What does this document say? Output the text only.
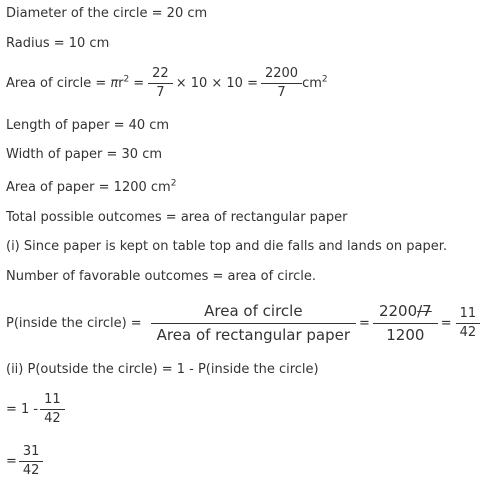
Diameter of the circle = 20 cm
Radius = 10 cm
Area of circle = $\pi r^2 = \frac{22}{7} \times 10 \times 10 = \frac{2200}{7} cm^2$
Length of paper = 40 cm
Width of paper = 30 cm
Area of paper = 1200 $cm^2$
Total possible outcomes = area of rectangular paper
(i) Since paper is kept on table top and die falls and lands on paper.
Number of favorable outcomes = area of circle.
P(inside the circle) = $\frac{\text{Area of circle}}{\text{Area of rectangular paper}} = \frac{2200/7}{1200} = \frac{11}{42}$
(ii) P(outside the circle) = 1 - P(inside the circle)
= $1 - \frac{11}{42}$
= $\frac{31}{42}$
